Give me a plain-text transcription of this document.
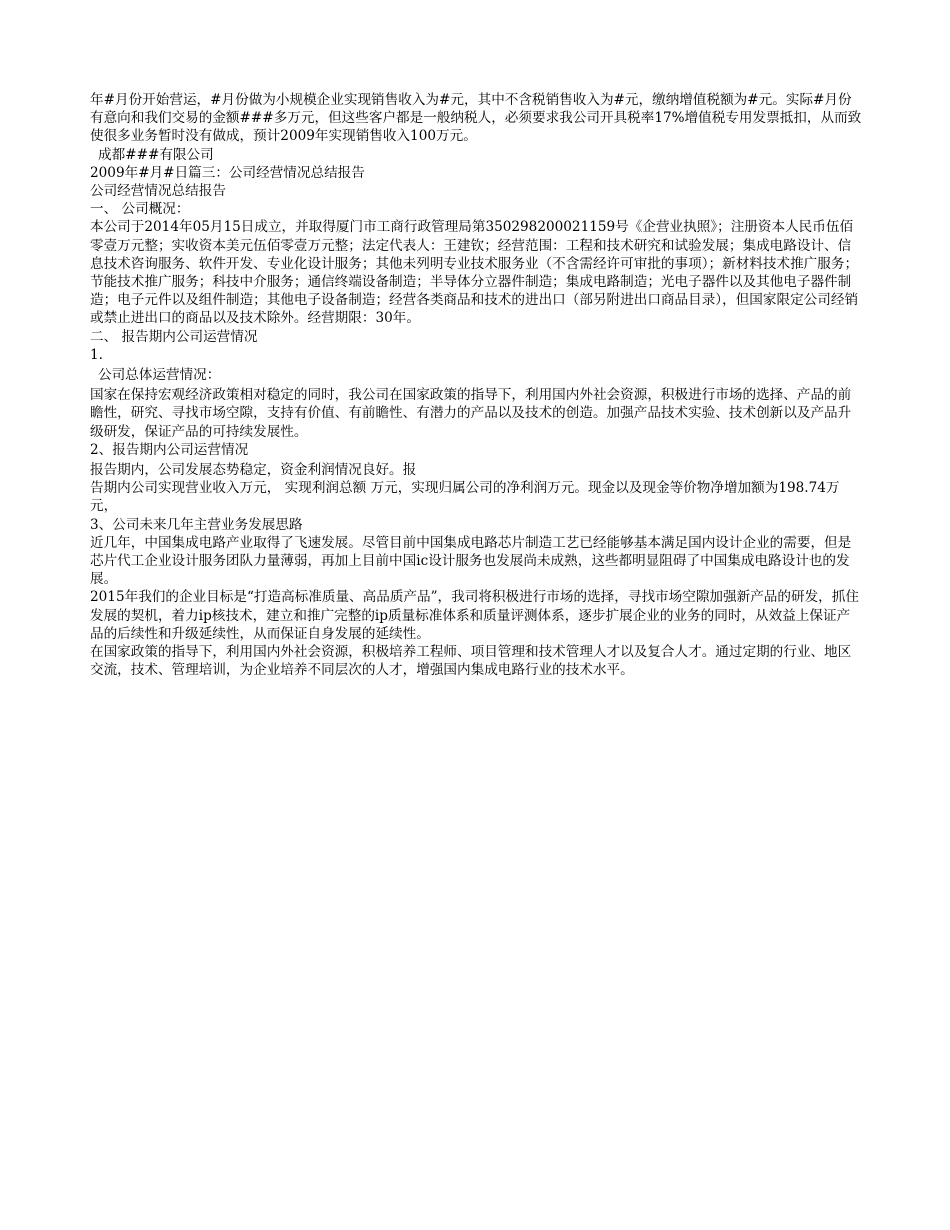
年#月份开始营运，#月份做为小规模企业实现销售收入为#元，其中不含税销售收入为#元，缴纳增值税额为#元。实际#月份有意向和我们交易的金额###多万元，但这些客户都是一般纳税人，必须要求我公司开具税率17%增值税专用发票抵扣，从而致使很多业务暂时没有做成，预计2009年实现销售收入100万元。

成都###有限公司

2009年#月#日篇三：公司经营情况总结报告

公司经营情况总结报告

一、 公司概况：

本公司于2014年05月15日成立，并取得厦门市工商行政管理局第350298200021159号《企营业执照》；注册资本人民币伍佰零壹万元整；实收资本美元伍佰零壹万元整；法定代表人：王建钦；经营范围：工程和技术研究和试验发展；集成电路设计、信息技术咨询服务、软件开发、专业化设计服务；其他未列明专业技术服务业（不含需经许可审批的事项）；新材料技术推广服务；节能技术推广服务；科技中介服务；通信终端设备制造；半导体分立器件制造；集成电路制造；光电子器件以及其他电子器件制造；电子元件以及组件制造；其他电子设备制造；经营各类商品和技术的进出口（部另附进出口商品目录），但国家限定公司经销或禁止进出口的商品以及技术除外。经营期限：30年。

二、 报告期内公司运营情况

1.

公司总体运营情况：

国家在保持宏观经济政策相对稳定的同时，我公司在国家政策的指导下，利用国内外社会资源，积极进行市场的选择、产品的前瞻性，研究、寻找市场空隙，支持有价值、有前瞻性、有潜力的产品以及技术的创造。加强产品技术实验、技术创新以及产品升级研发，保证产品的可持续发展性。

2、报告期内公司运营情况

报告期内，公司发展态势稳定，资金利润情况良好。报

告期内公司实现营业收入万元， 实现利润总额 万元，实现归属公司的净利润万元。现金以及现金等价物净增加额为198.74万元，

3、公司未来几年主营业务发展思路

近几年，中国集成电路产业取得了飞速发展。尽管目前中国集成电路芯片制造工艺已经能够基本满足国内设计企业的需要，但是芯片代工企业设计服务团队力量薄弱，再加上目前中国ic设计服务也发展尚未成熟，这些都明显阻碍了中国集成电路设计也的发展。

2015年我们的企业目标是“打造高标准质量、高品质产品”，我司将积极进行市场的选择，寻找市场空隙加强新产品的研发，抓住发展的契机，着力ip核技术，建立和推广完整的ip质量标准体系和质量评测体系，逐步扩展企业的业务的同时，从效益上保证产品的后续性和升级延续性，从而保证自身发展的延续性。

在国家政策的指导下，利用国内外社会资源，积极培养工程师、项目管理和技术管理人才以及复合人才。通过定期的行业、地区交流，技术、管理培训，为企业培养不同层次的人才，增强国内集成电路行业的技术水平。
